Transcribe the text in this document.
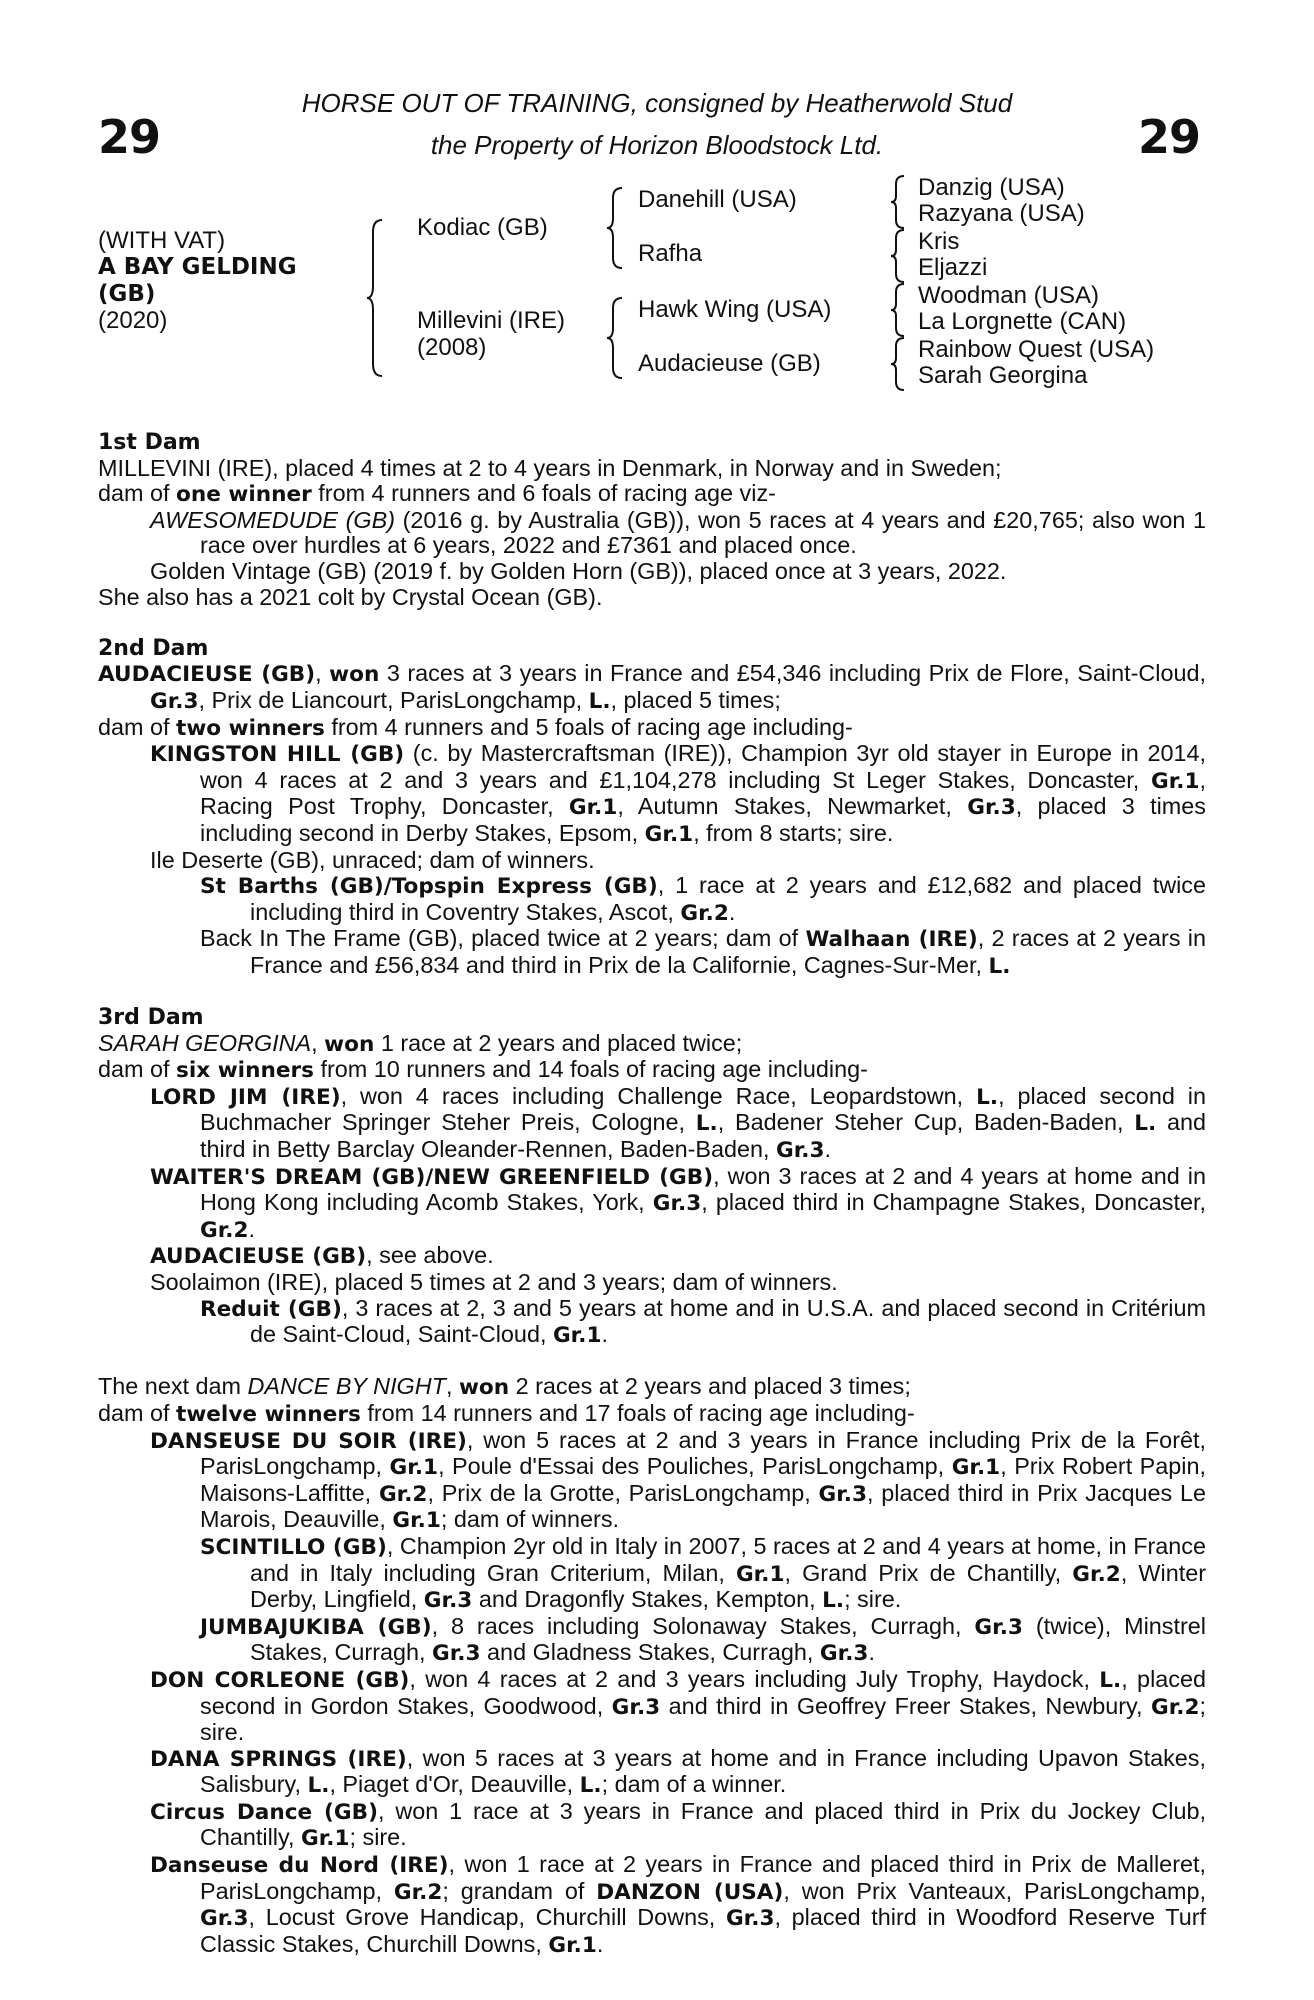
29	29
HORSE OUT OF TRAINING, consigned by Heatherwold Stud
the Property of Horizon Bloodstock Ltd.
(WITH VAT)
A BAY GELDING
(GB)
(2020)
Kodiac (GB)
Millevini (IRE)
(2008)
Danehill (USA)
Rafha
Hawk Wing (USA)
Audacieuse (GB)
Danzig (USA)
Razyana (USA)
Kris
Eljazzi
Woodman (USA)
La Lorgnette (CAN)
Rainbow Quest (USA)
Sarah Georgina

1st Dam

MILLEVINI (IRE), placed 4 times at 2 to 4 years in Denmark, in Norway and in Sweden;

dam of one winner from 4 runners and 6 foals of racing age viz-

AWESOMEDUDE (GB) (2016 g. by Australia (GB)), won 5 races at 4 years and £20,765; also won 1 race over hurdles at 6 years, 2022 and £7361 and placed once.

Golden Vintage (GB) (2019 f. by Golden Horn (GB)), placed once at 3 years, 2022.

She also has a 2021 colt by Crystal Ocean (GB).

2nd Dam

AUDACIEUSE (GB), won 3 races at 3 years in France and £54,346 including Prix de Flore, Saint-Cloud, Gr.3, Prix de Liancourt, ParisLongchamp, L., placed 5 times;

dam of two winners from 4 runners and 5 foals of racing age including-

KINGSTON HILL (GB) (c. by Mastercraftsman (IRE)), Champion 3yr old stayer in Europe in 2014, won 4 races at 2 and 3 years and £1,104,278 including St Leger Stakes, Doncaster, Gr.1, Racing Post Trophy, Doncaster, Gr.1, Autumn Stakes, Newmarket, Gr.3, placed 3 times including second in Derby Stakes, Epsom, Gr.1, from 8 starts; sire.

Ile Deserte (GB), unraced; dam of winners.

St Barths (GB)/Topspin Express (GB), 1 race at 2 years and £12,682 and placed twice including third in Coventry Stakes, Ascot, Gr.2.

Back In The Frame (GB), placed twice at 2 years; dam of Walhaan (IRE), 2 races at 2 years in France and £56,834 and third in Prix de la Californie, Cagnes-Sur-Mer, L.

3rd Dam

SARAH GEORGINA, won 1 race at 2 years and placed twice;

dam of six winners from 10 runners and 14 foals of racing age including-

LORD JIM (IRE), won 4 races including Challenge Race, Leopardstown, L., placed second in Buchmacher Springer Steher Preis, Cologne, L., Badener Steher Cup, Baden-Baden, L. and third in Betty Barclay Oleander-Rennen, Baden-Baden, Gr.3.

WAITER'S DREAM (GB)/NEW GREENFIELD (GB), won 3 races at 2 and 4 years at home and in Hong Kong including Acomb Stakes, York, Gr.3, placed third in Champagne Stakes, Doncaster, Gr.2.

AUDACIEUSE (GB), see above.

Soolaimon (IRE), placed 5 times at 2 and 3 years; dam of winners.

Reduit (GB), 3 races at 2, 3 and 5 years at home and in U.S.A. and placed second in Critérium de Saint-Cloud, Saint-Cloud, Gr.1.

The next dam DANCE BY NIGHT, won 2 races at 2 years and placed 3 times;

dam of twelve winners from 14 runners and 17 foals of racing age including-

DANSEUSE DU SOIR (IRE), won 5 races at 2 and 3 years in France including Prix de la Forêt, ParisLongchamp, Gr.1, Poule d'Essai des Pouliches, ParisLongchamp, Gr.1, Prix Robert Papin, Maisons-Laffitte, Gr.2, Prix de la Grotte, ParisLongchamp, Gr.3, placed third in Prix Jacques Le Marois, Deauville, Gr.1; dam of winners.

SCINTILLO (GB), Champion 2yr old in Italy in 2007, 5 races at 2 and 4 years at home, in France and in Italy including Gran Criterium, Milan, Gr.1, Grand Prix de Chantilly, Gr.2, Winter Derby, Lingfield, Gr.3 and Dragonfly Stakes, Kempton, L.; sire.

JUMBAJUKIBA (GB), 8 races including Solonaway Stakes, Curragh, Gr.3 (twice), Minstrel Stakes, Curragh, Gr.3 and Gladness Stakes, Curragh, Gr.3.

DON CORLEONE (GB), won 4 races at 2 and 3 years including July Trophy, Haydock, L., placed second in Gordon Stakes, Goodwood, Gr.3 and third in Geoffrey Freer Stakes, Newbury, Gr.2; sire.

DANA SPRINGS (IRE), won 5 races at 3 years at home and in France including Upavon Stakes, Salisbury, L., Piaget d'Or, Deauville, L.; dam of a winner.

Circus Dance (GB), won 1 race at 3 years in France and placed third in Prix du Jockey Club, Chantilly, Gr.1; sire.

Danseuse du Nord (IRE), won 1 race at 2 years in France and placed third in Prix de Malleret, ParisLongchamp, Gr.2; grandam of DANZON (USA), won Prix Vanteaux, ParisLongchamp, Gr.3, Locust Grove Handicap, Churchill Downs, Gr.3, placed third in Woodford Reserve Turf Classic Stakes, Churchill Downs, Gr.1.
